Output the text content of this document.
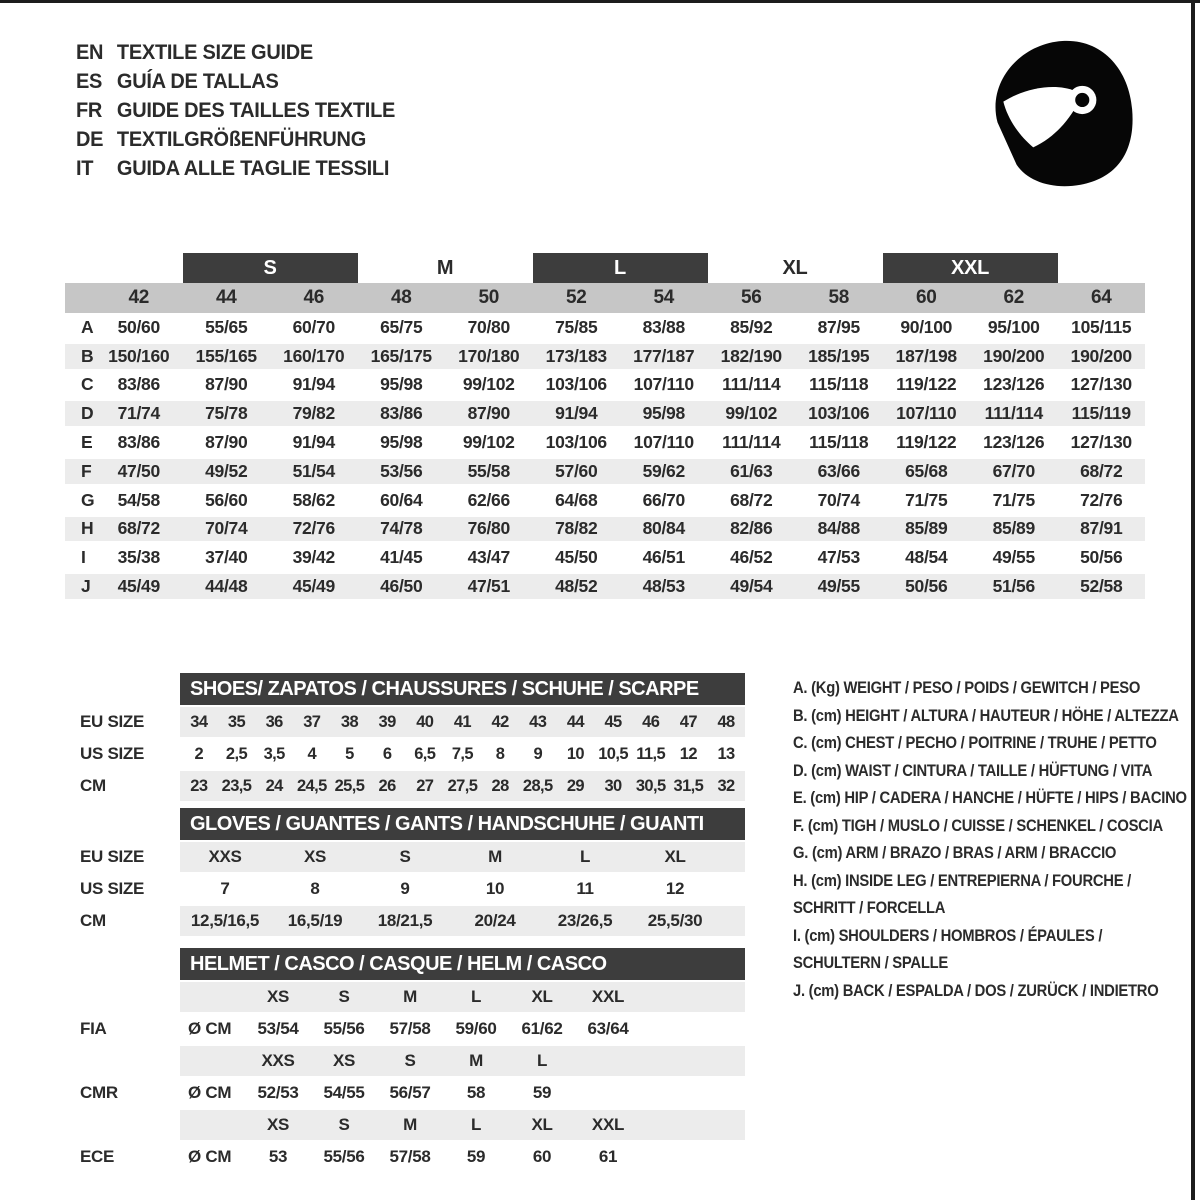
EN TEXTILE SIZE GUIDE
ES GUÍA DE TALLAS
FR GUIDE DES TAILLES TEXTILE
DE TEXTILGRÖßENFÜHRUNG
IT	GUIDA ALLE TAGLIE TESSILI
S	M	L	XL	XXL
42	44	46	48	50	52	54	56	58	60	62	64
A	50/60	55/65	60/70	65/75	70/80	75/85	83/88	85/92	87/95	90/100	95/100	105/115
B 150/160	155/165	160/170	165/175	170/180	173/183	177/187	182/190	185/195	187/198	190/200	190/200
C	83/86	87/90	91/94	95/98	99/102	103/106	107/110	111/114	115/118	119/122	123/126	127/130
D	71/74	75/78	79/82	83/86	87/90	91/94	95/98	99/102	103/106	107/110	111/114	115/119
E	83/86	87/90	91/94	95/98	99/102	103/106	107/110	111/114	115/118	119/122	123/126	127/130
F	47/50	49/52	51/54	53/56	55/58	57/60	59/62	61/63	63/66	65/68	67/70	68/72
G	54/58	56/60	58/62	60/64	62/66	64/68	66/70	68/72	70/74	71/75	71/75	72/76
H	68/72	70/74	72/76	74/78	76/80	78/82	80/84	82/86	84/88	85/89	85/89	87/91
I	35/38	37/40	39/42	41/45	43/47	45/50	46/51	46/52	47/53	48/54	49/55	50/56
J	45/49	44/48	45/49	46/50	47/51	48/52	48/53	49/54	49/55	50/56	51/56	52/58
SHOES/ ZAPATOS / CHAUSSURES / SCHUHE / SCARPE
EU SIZE	34	35	36	37	38	39	40	41	42	43	44	45	46	47	48
US SIZE	2	2,5	3,5	4	5	6	6,5	7,5	8	9	10 10,5 11,5 12	13
CM	23 23,5 24 24,5 25,5 26	27 27,5 28 28,5 29	30 30,5 31,5 32
GLOVES / GUANTES / GANTS / HANDSCHUHE / GUANTI
EU SIZE	XXS	XS	S	M	L	XL
US SIZE	7	8	9	10	11	12
CM	12,5/16,5	16,5/19	18/21,5	20/24	23/26,5	25,5/30
HELMET / CASCO / CASQUE / HELM / CASCO
XS	S	M	L	XL	XXL
FIA	Ø CM	53/54	55/56	57/58	59/60	61/62	63/64
XXS	XS	S	M	L
CMR	Ø CM	52/53	54/55	56/57	58	59
XS	S	M	L	XL	XXL
ECE	Ø CM	53	55/56	57/58	59	60	61
A. (Kg) WEIGHT / PESO / POIDS / GEWITCH / PESO
B. (cm) HEIGHT / ALTURA / HAUTEUR / HÖHE / ALTEZZA
C. (cm) CHEST / PECHO / POITRINE / TRUHE / PETTO
D. (cm) WAIST / CINTURA / TAILLE / HÜFTUNG / VITA
E. (cm) HIP / CADERA / HANCHE / HÜFTE / HIPS / BACINO
F. (cm) TIGH / MUSLO / CUISSE / SCHENKEL / COSCIA
G. (cm) ARM / BRAZO / BRAS / ARM / BRACCIO
H. (cm) INSIDE LEG / ENTREPIERNA / FOURCHE /
SCHRITT / FORCELLA
I. (cm) SHOULDERS / HOMBROS / ÉPAULES /
SCHULTERN / SPALLE
J. (cm) BACK / ESPALDA / DOS / ZURÜCK / INDIETRO
